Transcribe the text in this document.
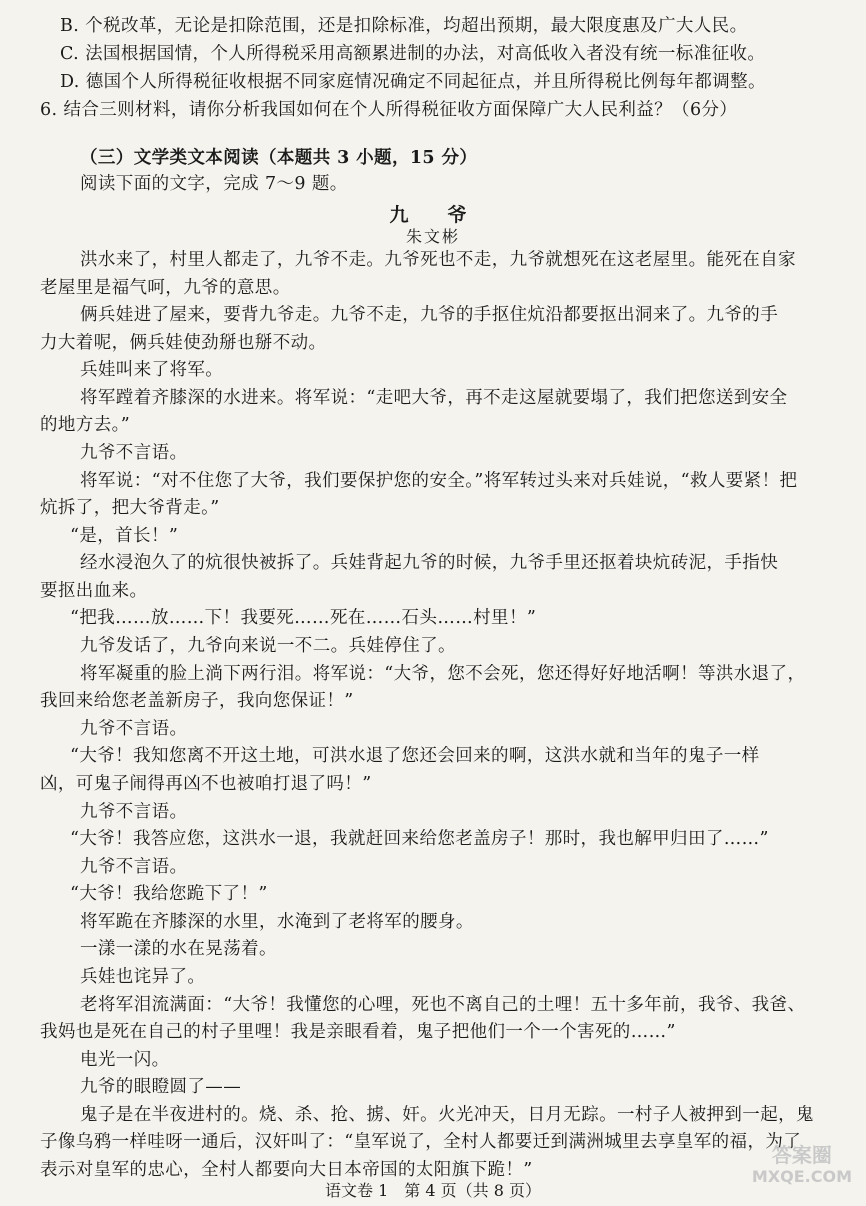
B. 个税改革，无论是扣除范围，还是扣除标准，均超出预期，最大限度惠及广大人民。
C. 法国根据国情，个人所得税采用高额累进制的办法，对高低收入者没有统一标准征收。
D. 德国个人所得税征收根据不同家庭情况确定不同起征点，并且所得税比例每年都调整。
6. 结合三则材料，请你分析我国如何在个人所得税征收方面保障广大人民利益？（6分）
（三）文学类文本阅读（本题共 3 小题，15 分）
阅读下面的文字，完成 7～9 题。
九　爷
朱文彬
洪水来了，村里人都走了，九爷不走。九爷死也不走，九爷就想死在这老屋里。能死在自家
老屋里是福气呵，九爷的意思。
俩兵娃进了屋来，要背九爷走。九爷不走，九爷的手抠住炕沿都要抠出洞来了。九爷的手
力大着呢，俩兵娃使劲掰也掰不动。
兵娃叫来了将军。
将军蹚着齐膝深的水进来。将军说：“走吧大爷，再不走这屋就要塌了，我们把您送到安全
的地方去。”
九爷不言语。
将军说：“对不住您了大爷，我们要保护您的安全。”将军转过头来对兵娃说，“救人要紧！把
炕拆了，把大爷背走。”
“是，首长！”
经水浸泡久了的炕很快被拆了。兵娃背起九爷的时候，九爷手里还抠着块炕砖泥，手指快
要抠出血来。
“把我……放……下！我要死……死在……石头……村里！”
九爷发话了，九爷向来说一不二。兵娃停住了。
将军凝重的脸上淌下两行泪。将军说：“大爷，您不会死，您还得好好地活啊！等洪水退了，
我回来给您老盖新房子，我向您保证！”
九爷不言语。
“大爷！我知您离不开这土地，可洪水退了您还会回来的啊，这洪水就和当年的鬼子一样
凶，可鬼子闹得再凶不也被咱打退了吗！”
九爷不言语。
“大爷！我答应您，这洪水一退，我就赶回来给您老盖房子！那时，我也解甲归田了……”
九爷不言语。
“大爷！我给您跪下了！”
将军跪在齐膝深的水里，水淹到了老将军的腰身。
一漾一漾的水在晃荡着。
兵娃也诧异了。
老将军泪流满面：“大爷！我懂您的心哩，死也不离自己的土哩！五十多年前，我爷、我爸、
我妈也是死在自己的村子里哩！我是亲眼看着，鬼子把他们一个一个害死的……”
电光一闪。
九爷的眼瞪圆了——
鬼子是在半夜进村的。烧、杀、抢、掳、奸。火光冲天，日月无踪。一村子人被押到一起，鬼
子像乌鸦一样哇呀一通后，汉奸叫了：“皇军说了，全村人都要迁到满洲城里去享皇军的福，为了
表示对皇军的忠心，全村人都要向大日本帝国的太阳旗下跪！”
语文卷 1　第 4 页（共 8 页）
答案圈
MXQE.COM
